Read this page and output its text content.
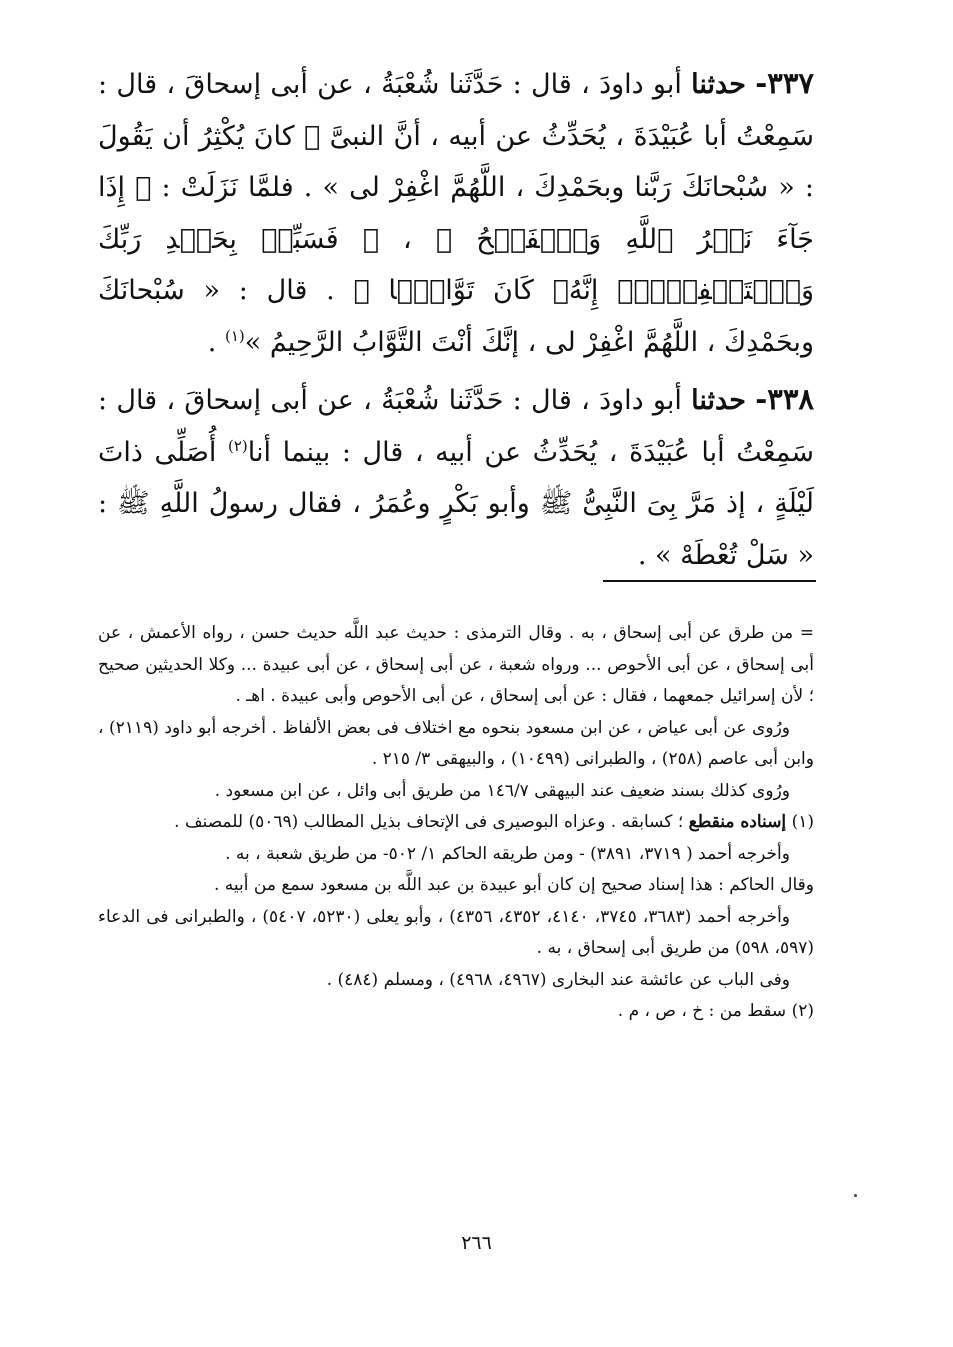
٣٣٧- حدثنا أبو داودَ ، قال : حَدَّثَنا شُعْبَةُ ، عن أبى إسحاقَ ، قال : سَمِعْتُ أبا عُبَيْدَةَ ، يُحَدِّثُ عن أبيه ، أنَّ النبىَّ ﷺ كانَ يُكْثِرُ أن يَقُولَ : « سُبْحانَكَ رَبَّنا وبحَمْدِكَ ، اللَّهُمَّ اغْفِرْ لى » . فلمَّا نَزَلَتْ : ﴿ إِذَا جَآءَ نَصۡرُ ٱللَّهِ وَٱلۡفَتۡحُ ﴾ ، ﴿ فَسَبِّحۡ بِحَمۡدِ رَبِّكَ وَٱسۡتَغۡفِرۡهُۚ إِنَّهُۥ كَانَ تَوَّابَۢا ﴾ . قال : « سُبْحانَكَ وبحَمْدِكَ ، اللَّهُمَّ اغْفِرْ لى ، إنَّكَ أنْتَ التَّوَّابُ الرَّحِيمُ »$^{(١)}$ .

٣٣٨- حدثنا أبو داودَ ، قال : حَدَّثَنا شُعْبَةُ ، عن أبى إسحاقَ ، قال : سَمِعْتُ أبا عُبَيْدَةَ ، يُحَدِّثُ عن أبيه ، قال : بينما أنا$^{(٢)}$ أُصَلِّى ذاتَ لَيْلَةٍ ، إذ مَرَّ بِىَ النَّبِىُّ ﷺ وأبو بَكْرٍ وعُمَرُ ، فقال رسولُ اللَّهِ ﷺ : « سَلْ تُعْطَهْ » .

= من طرق عن أبى إسحاق ، به . وقال الترمذى : حديث عبد اللَّه حديث حسن ، رواه الأعمش ، عن أبى إسحاق ، عن أبى الأحوص ... ورواه شعبة ، عن أبى إسحاق ، عن أبى عبيدة ... وكلا الحديثين صحيح ؛ لأن إسرائيل جمعهما ، فقال : عن أبى إسحاق ، عن أبى الأحوص وأبى عبيدة . اهـ .

ورُوى عن أبى عياض ، عن ابن مسعود بنحوه مع اختلاف فى بعض الألفاظ . أخرجه أبو داود (٢١١٩) ، وابن أبى عاصم (٢٥٨) ، والطبرانى (١٠٤٩٩) ، والبيهقى ٣/ ٢١٥ .

ورُوى كذلك بسند ضعيف عند البيهقى ١٤٦/٧ من طريق أبى وائل ، عن ابن مسعود .

(١) إسناده منقطع ؛ كسابقه . وعزاه البوصيرى فى الإتحاف بذيل المطالب (٥٠٦٩) للمصنف .

وأخرجه أحمد ( ٣٧١٩، ٣٨٩١) - ومن طريقه الحاكم ١/ ٥٠٢- من طريق شعبة ، به .

وقال الحاكم : هذا إسناد صحيح إن كان أبو عبيدة بن عبد اللَّه بن مسعود سمع من أبيه .

وأخرجه أحمد (٣٦٨٣، ٣٧٤٥، ٤١٤٠، ٤٣٥٢، ٤٣٥٦) ، وأبو يعلى (٥٢٣٠، ٥٤٠٧) ، والطبرانى فى الدعاء (٥٩٧، ٥٩٨) من طريق أبى إسحاق ، به .

وفى الباب عن عائشة عند البخارى (٤٩٦٧، ٤٩٦٨) ، ومسلم (٤٨٤) .

(٢) سقط من : خ ، ص ، م .

٢٦٦
